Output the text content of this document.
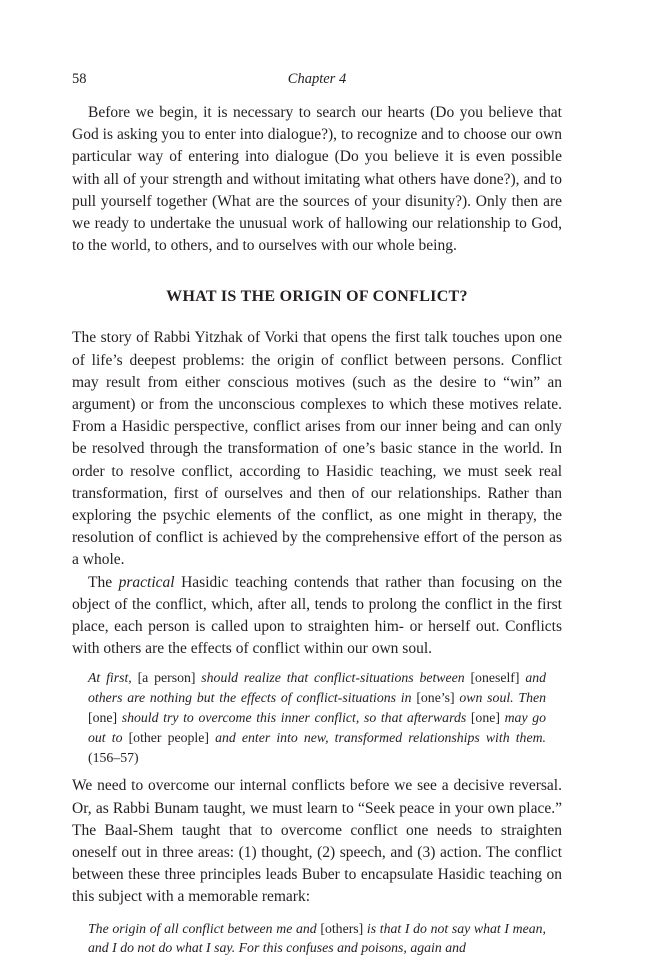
58	Chapter 4

Before we begin, it is necessary to search our hearts (Do you believe that God is asking you to enter into dialogue?), to recognize and to choose our own particular way of entering into dialogue (Do you believe it is even possible with all of your strength and without imitating what others have done?), and to pull yourself together (What are the sources of your disunity?). Only then are we ready to undertake the unusual work of hallowing our relationship to God, to the world, to others, and to ourselves with our whole being.

WHAT IS THE ORIGIN OF CONFLICT?

The story of Rabbi Yitzhak of Vorki that opens the first talk touches upon one of life’s deepest problems: the origin of conflict between persons. Conflict may result from either conscious motives (such as the desire to “win” an argument) or from the unconscious complexes to which these motives relate. From a Hasidic perspective, conflict arises from our inner being and can only be resolved through the transformation of one’s basic stance in the world. In order to resolve conflict, according to Hasidic teaching, we must seek real transformation, first of ourselves and then of our relationships. Rather than exploring the psychic elements of the conflict, as one might in therapy, the resolution of conflict is achieved by the comprehensive effort of the person as a whole.

The practical Hasidic teaching contends that rather than focusing on the object of the conflict, which, after all, tends to prolong the conflict in the first place, each person is called upon to straighten him- or herself out. Conflicts with others are the effects of conflict within our own soul.

At first, [a person] should realize that conflict-situations between [oneself] and others are nothing but the effects of conflict-situations in [one’s] own soul. Then [one] should try to overcome this inner conflict, so that afterwards [one] may go out to [other people] and enter into new, transformed relationships with them. (156–57)

We need to overcome our internal conflicts before we see a decisive reversal. Or, as Rabbi Bunam taught, we must learn to “Seek peace in your own place.” The Baal-Shem taught that to overcome conflict one needs to straighten oneself out in three areas: (1) thought, (2) speech, and (3) action. The conflict between these three principles leads Buber to encapsulate Hasidic teaching on this subject with a memorable remark:

The origin of all conflict between me and [others] is that I do not say what I mean, and I do not do what I say. For this confuses and poisons, again and
